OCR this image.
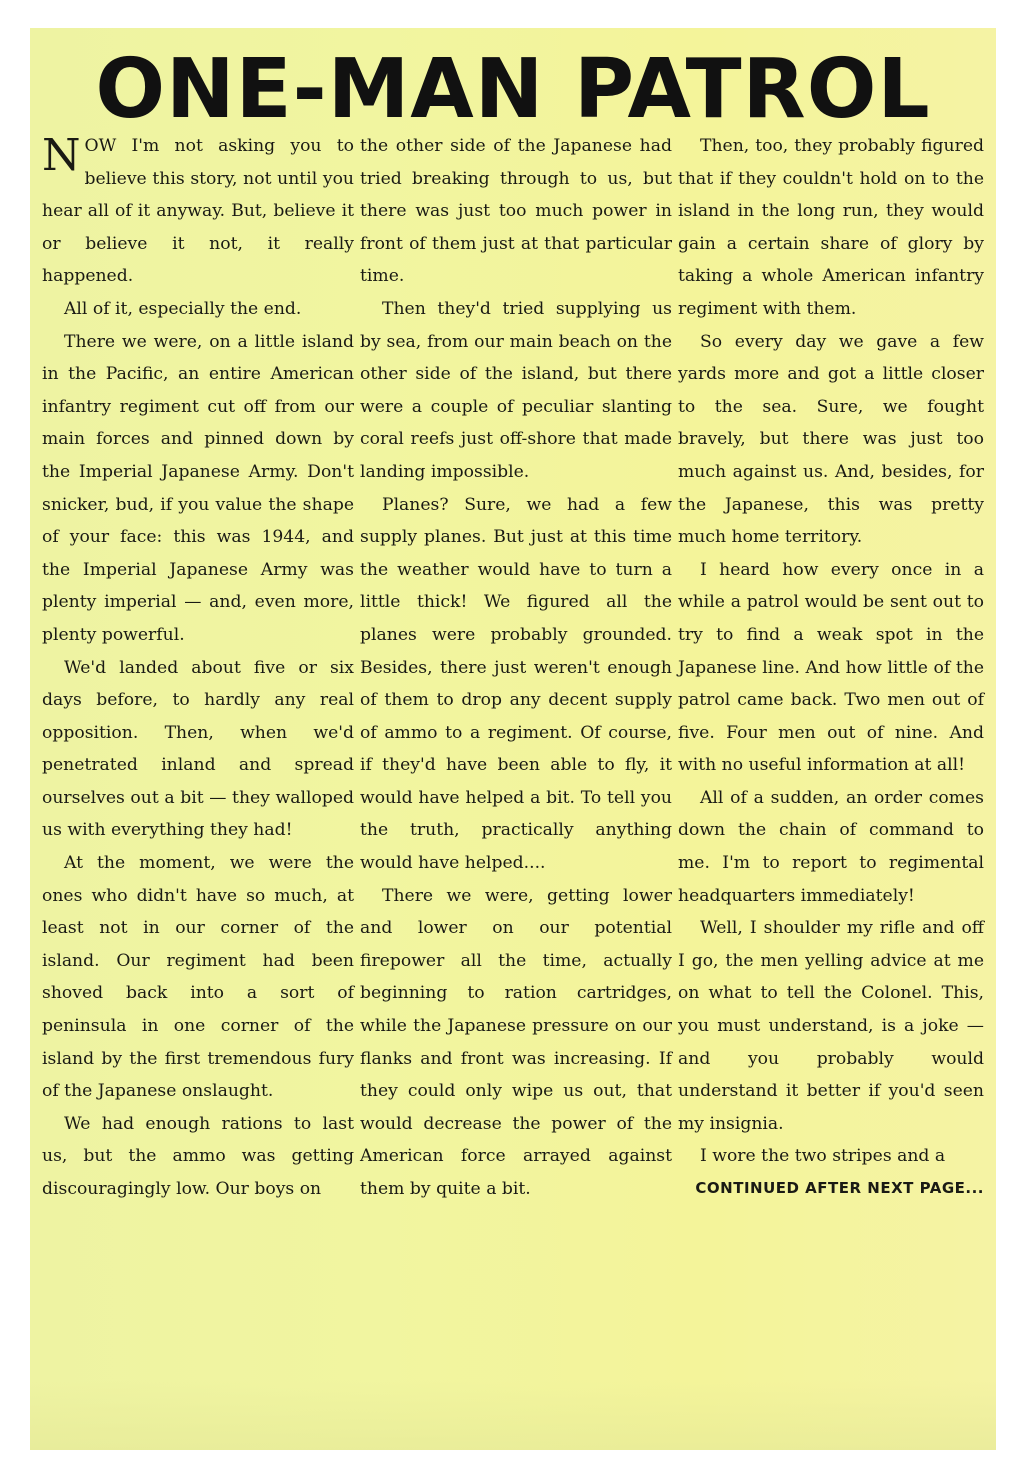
ONE-MAN PATROL

NOW I'm not asking you to believe this story, not until you hear all of it anyway. But, believe it or believe it not, it really happened.

All of it, especially the end.

There we were, on a little island in the Pacific, an entire American infantry regiment cut off from our main forces and pinned down by the Imperial Japanese Army. Don't snicker, bud, if you value the shape of your face: this was 1944, and the Imperial Japanese Army was plenty imperial — and, even more, plenty powerful.

We'd landed about five or six days before, to hardly any real opposition. Then, when we'd penetrated inland and spread ourselves out a bit — they walloped us with everything they had!

At the moment, we were the ones who didn't have so much, at least not in our corner of the island. Our regiment had been shoved back into a sort of peninsula in one corner of the island by the first tremendous fury of the Japanese onslaught.

We had enough rations to last us, but the ammo was getting discouragingly low. Our boys on

the other side of the Japanese had tried breaking through to us, but there was just too much power in front of them just at that particular time.

Then they'd tried supplying us by sea, from our main beach on the other side of the island, but there were a couple of peculiar slanting coral reefs just off-shore that made landing impossible.

Planes? Sure, we had a few supply planes. But just at this time the weather would have to turn a little thick! We figured all the planes were probably grounded. Besides, there just weren't enough of them to drop any decent supply of ammo to a regiment. Of course, if they'd have been able to fly, it would have helped a bit. To tell you the truth, practically anything would have helped....

There we were, getting lower and lower on our potential firepower all the time, actually beginning to ration cartridges, while the Japanese pressure on our flanks and front was increasing. If they could only wipe us out, that would decrease the power of the American force arrayed against them by quite a bit.

Then, too, they probably figured that if they couldn't hold on to the island in the long run, they would gain a certain share of glory by taking a whole American infantry regiment with them.

So every day we gave a few yards more and got a little closer to the sea. Sure, we fought bravely, but there was just too much against us. And, besides, for the Japanese, this was pretty much home territory.

I heard how every once in a while a patrol would be sent out to try to find a weak spot in the Japanese line. And how little of the patrol came back. Two men out of five. Four men out of nine. And with no useful information at all!

All of a sudden, an order comes down the chain of command to me. I'm to report to regimental headquarters immediately!

Well, I shoulder my rifle and off I go, the men yelling advice at me on what to tell the Colonel. This, you must understand, is a joke — and you probably would understand it better if you'd seen my insignia.

I wore the two stripes and a

CONTINUED AFTER NEXT PAGE...
